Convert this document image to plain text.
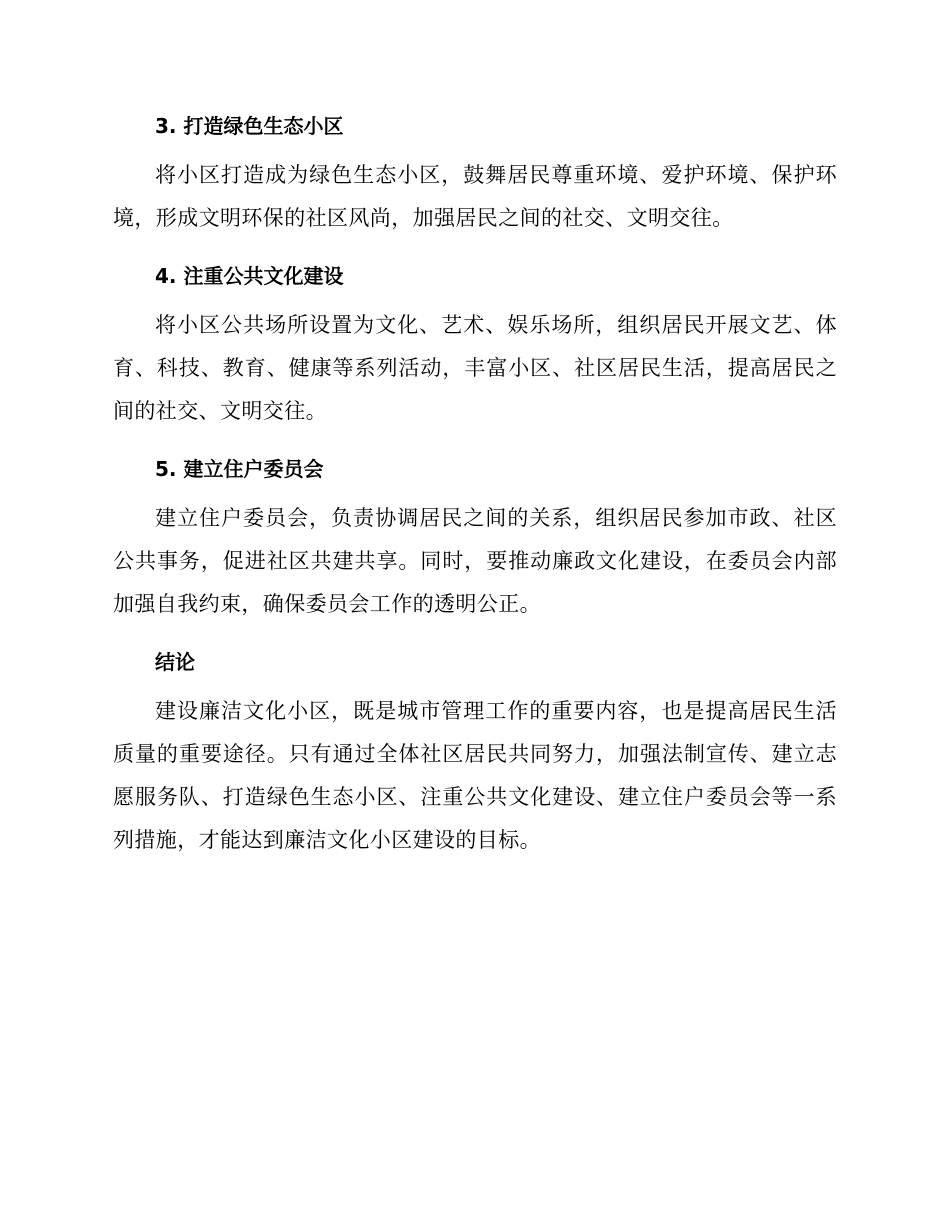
3. 打造绿色生态小区

将小区打造成为绿色生态小区，鼓舞居民尊重环境、爱护环境、保护环境，形成文明环保的社区风尚，加强居民之间的社交、文明交往。

4. 注重公共文化建设

将小区公共场所设置为文化、艺术、娱乐场所，组织居民开展文艺、体育、科技、教育、健康等系列活动，丰富小区、社区居民生活，提高居民之间的社交、文明交往。

5. 建立住户委员会

建立住户委员会，负责协调居民之间的关系，组织居民参加市政、社区公共事务，促进社区共建共享。同时，要推动廉政文化建设，在委员会内部加强自我约束，确保委员会工作的透明公正。

结论

建设廉洁文化小区，既是城市管理工作的重要内容，也是提高居民生活质量的重要途径。只有通过全体社区居民共同努力，加强法制宣传、建立志愿服务队、打造绿色生态小区、注重公共文化建设、建立住户委员会等一系列措施，才能达到廉洁文化小区建设的目标。
